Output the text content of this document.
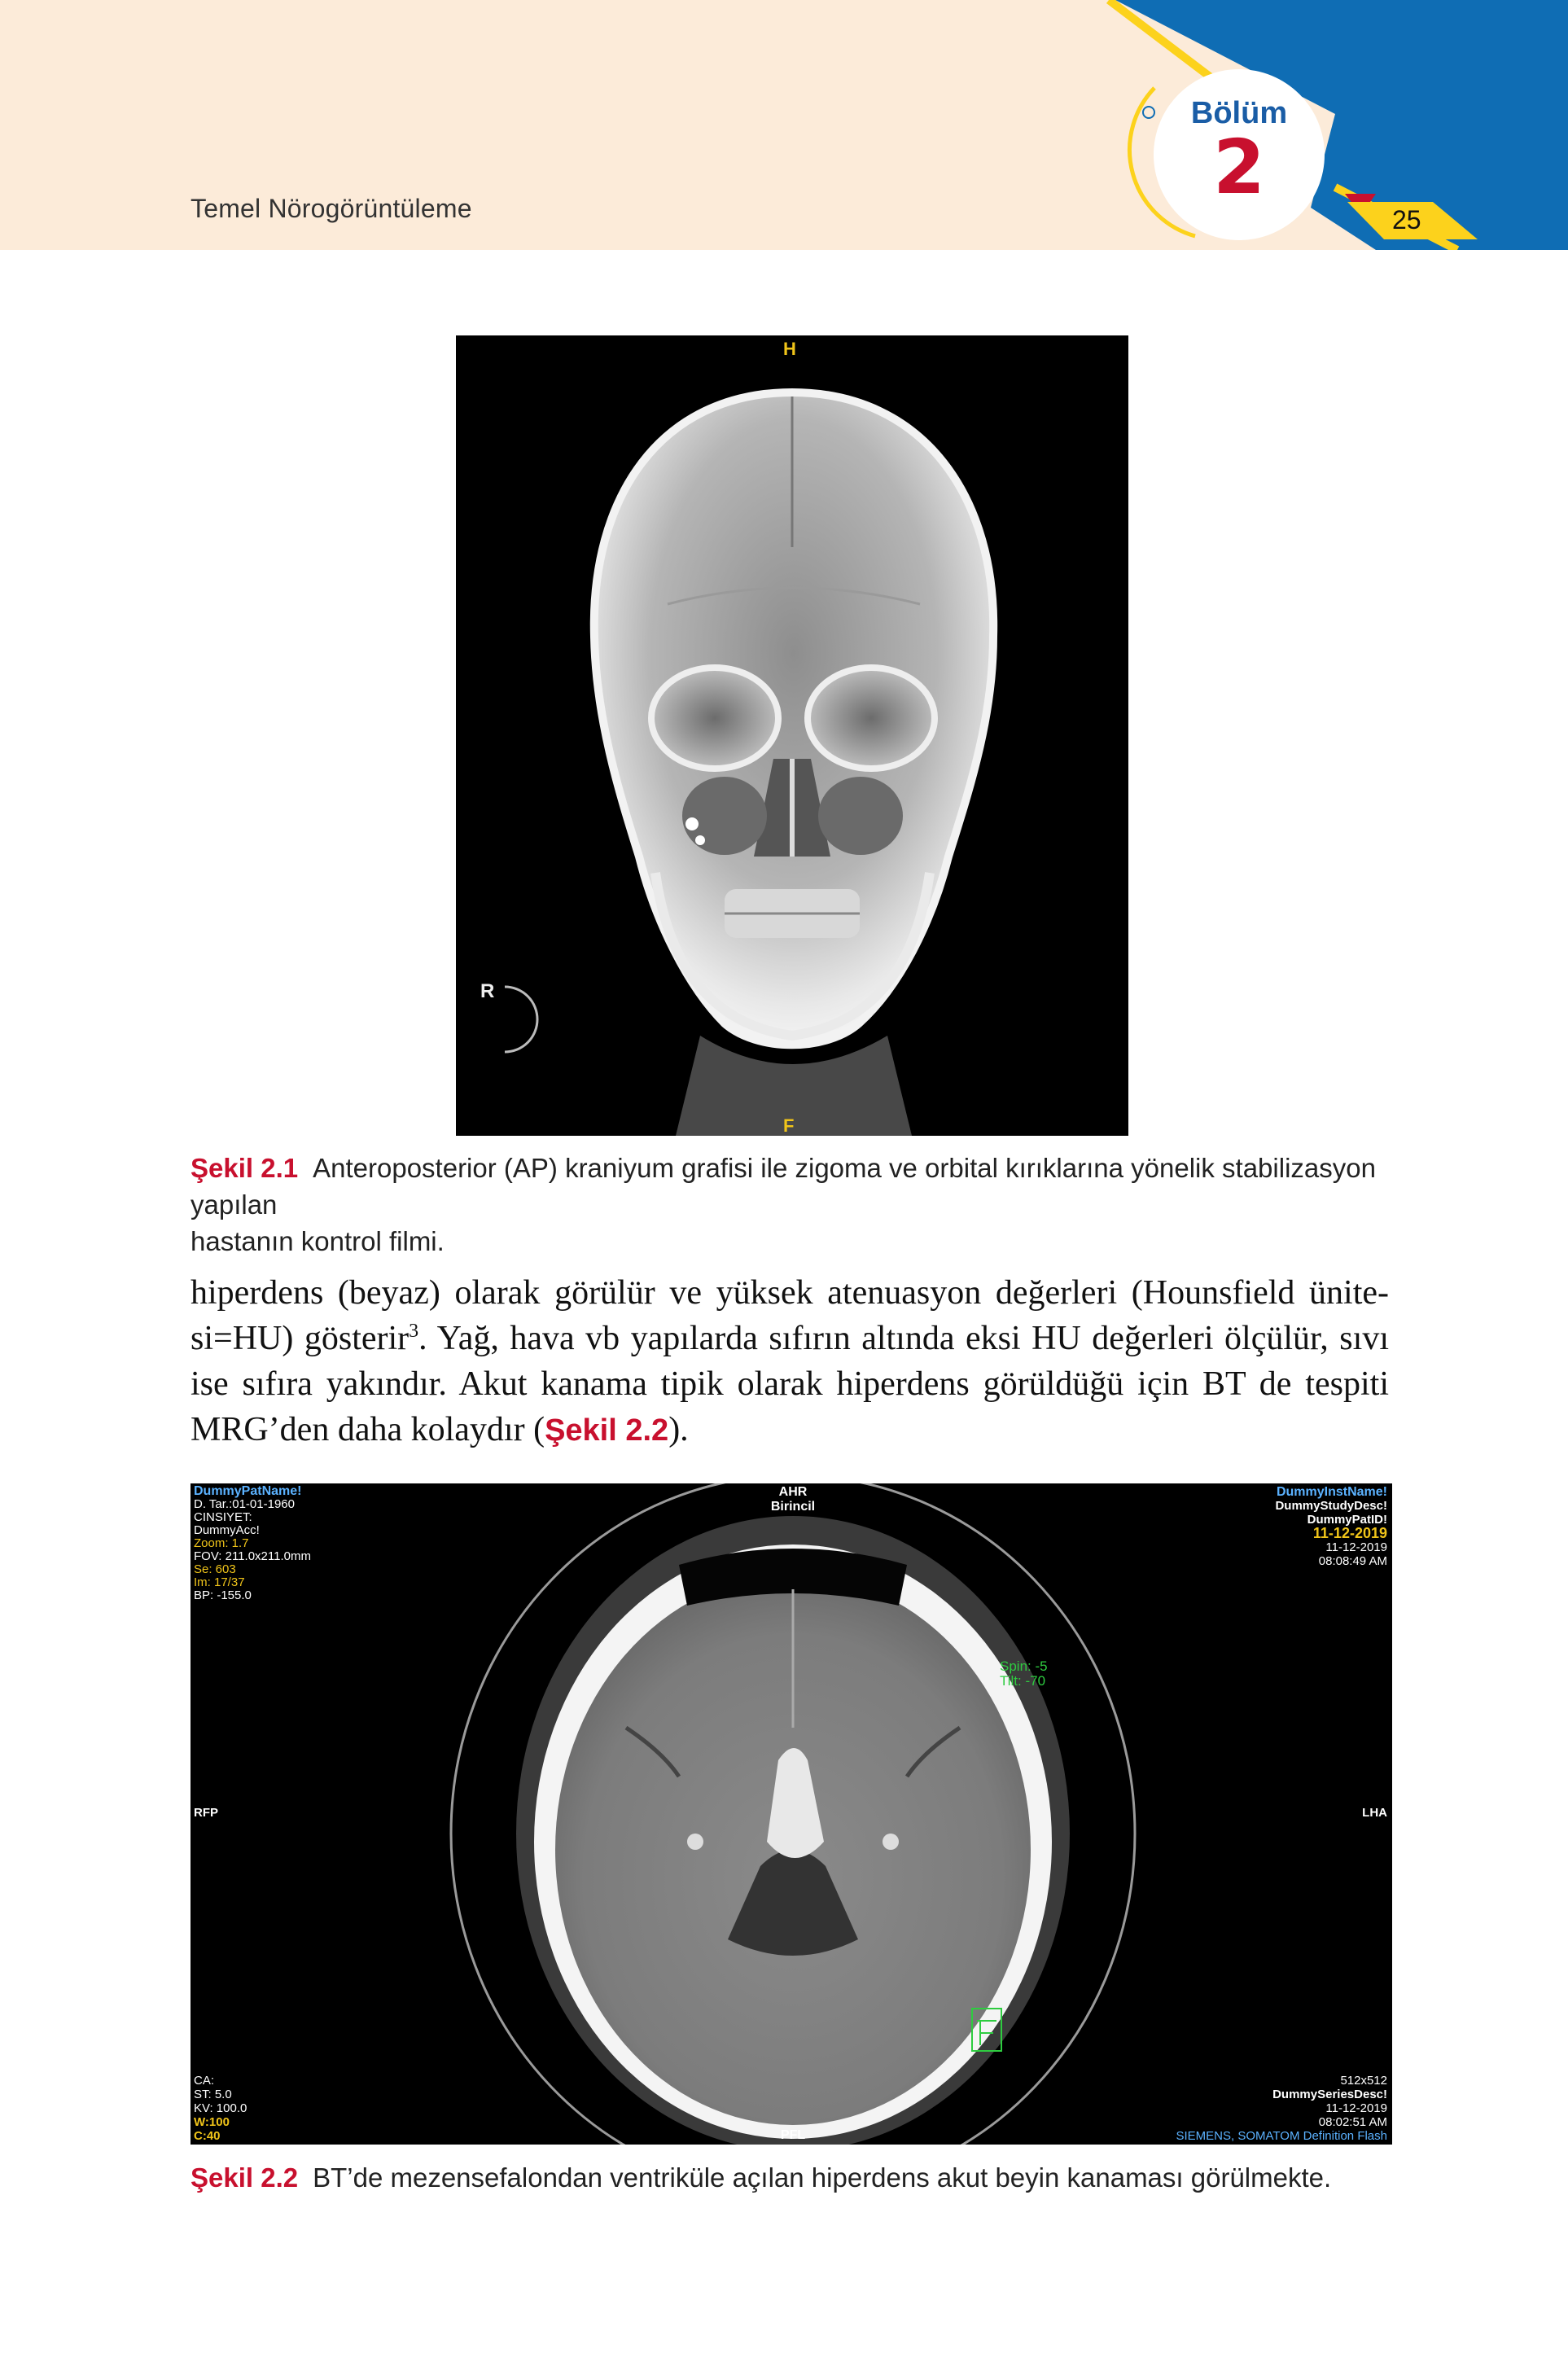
Temel Nörogörüntüleme
Bölüm
2
25
H
F
R
Şekil 2.1 Anteroposterior (AP) kraniyum grafisi ile zigoma ve orbital kırıklarına yönelik stabilizasyon yapılan
hastanın kontrol filmi.
hiperdens (beyaz) olarak görülür ve yüksek atenuasyon değerleri (Hounsfield ünite-
si=HU) gösterir$^3$. Yağ, hava vb yapılarda sıfırın altında eksi HU değerleri ölçülür, sıvı
ise sıfıra yakındır. Akut kanama tipik olarak hiperdens görüldüğü için BT de tespiti
MRG’den daha kolaydır (Şekil 2.2).
DummyPatName!
D. Tar.:01-01-1960
CINSIYET:
DummyAcc!
Zoom: 1.7
FOV: 211.0x211.0mm
Se: 603
Im: 17/37
BP: -155.0
AHR
Birincil
DummyInstName!
DummyStudyDesc!
DummyPatID!
11-12-2019
11-12-2019
08:08:49 AM
Spin: -5
Tilt: -70
RFP	LHA
CA:
ST: 5.0
KV: 100.0
W:100
C:40	PFL
512x512
DummySeriesDesc!
11-12-2019
08:02:51 AM
SIEMENS, SOMATOM Definition Flash
Şekil 2.2 BT’de mezensefalondan ventriküle açılan hiperdens akut beyin kanaması görülmekte.
